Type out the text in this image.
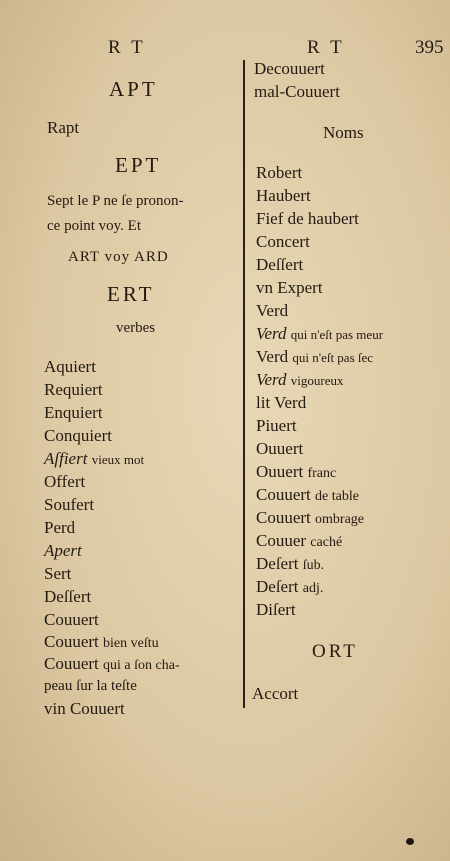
R T	R T	395
APT
Rapt
EPT
Sept le P ne ſe pronon-
ce point voy. Et
ART voy ARD
ERT
verbes
Aquiert
Requiert
Enquiert
Conquiert
Aſfiert vieux mot
Offert
Soufert
Perd
Apert
Sert
Deſſert
Couuert
Couuert bien veſtu
Couuert qui a ſon cha-
peau ſur la teſte
vin Couuert
Decouuert
mal-Couuert
Noms
Robert
Haubert
Fief de haubert
Concert
Deſſert
vn Expert
Verd
Verd qui n'eſt pas meur
Verd qui n'eſt pas ſec
Verd vigoureux
lit Verd
Piuert
Ouuert
Ouuert franc
Couuert de table
Couuert ombrage
Couuer caché
Deſert ſub.
Deſert adj.
Diſert
ORT
Accort
